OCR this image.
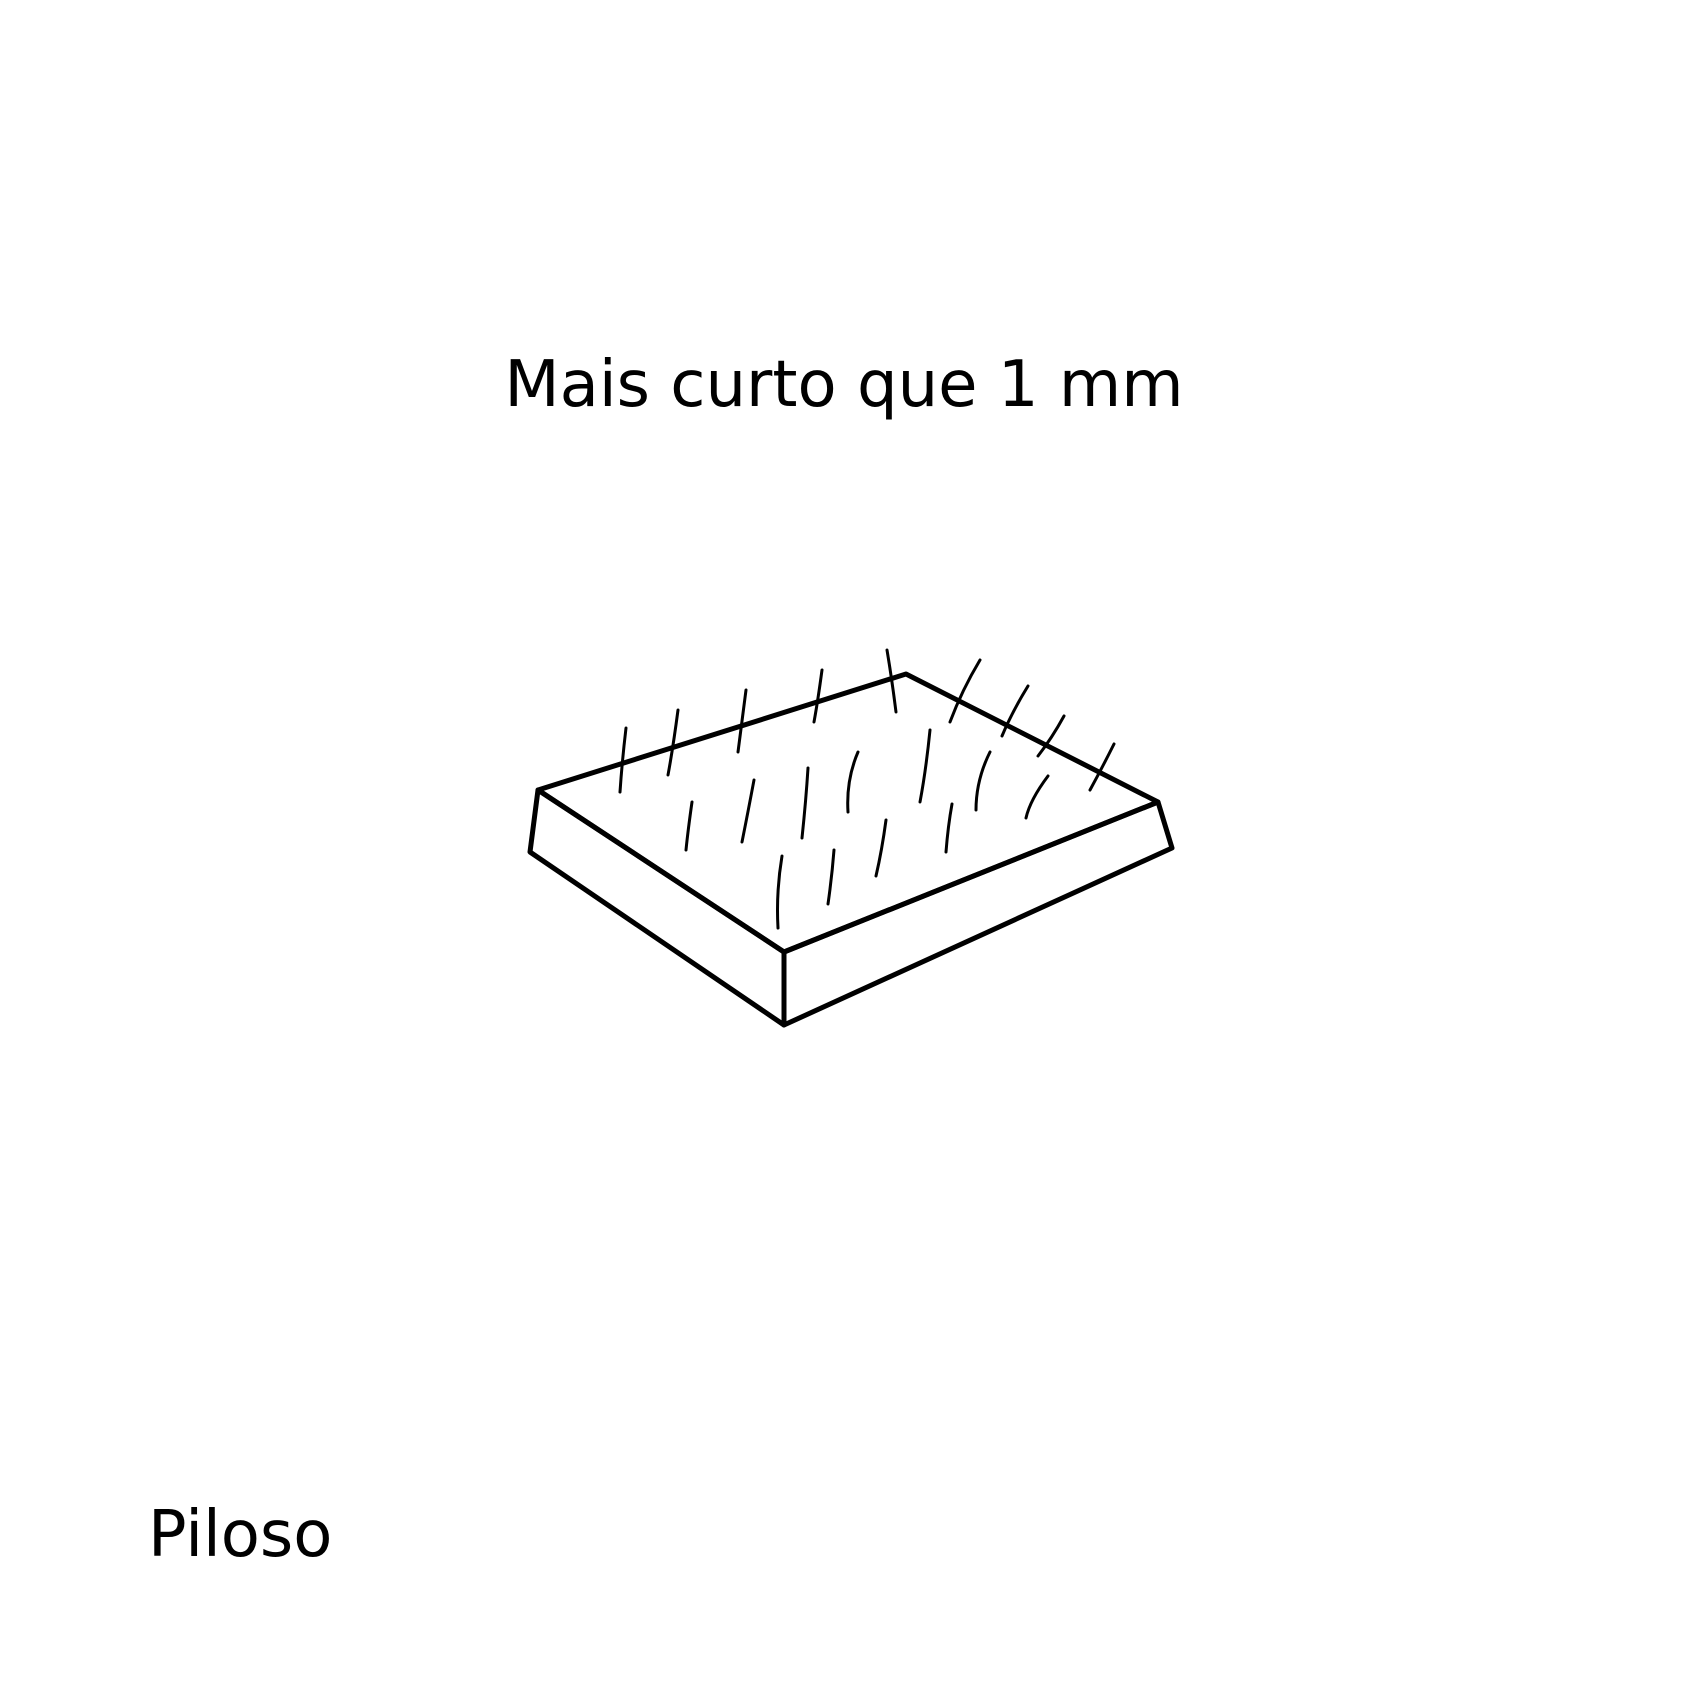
Mais curto que 1 mm
Piloso
